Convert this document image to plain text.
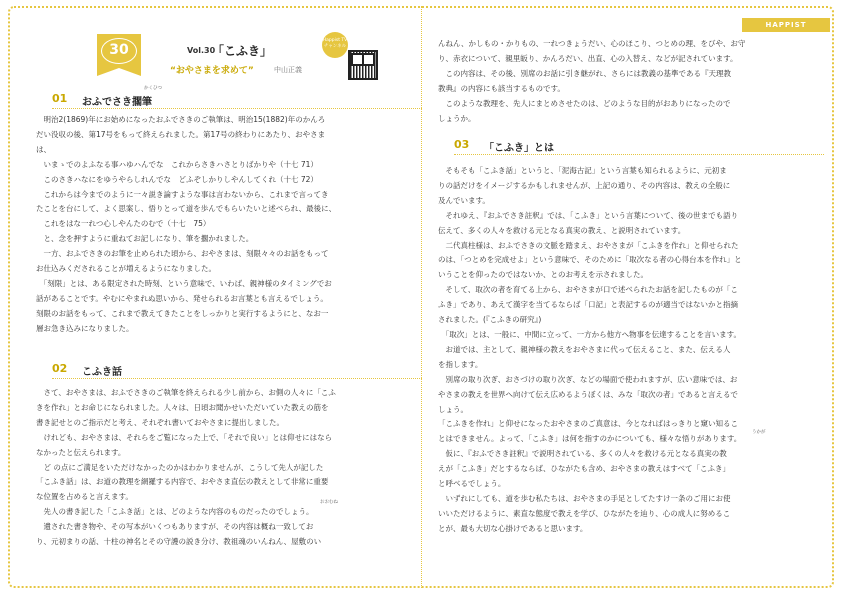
HAPPIST
30	Vol.30
「こふき」
“おやさまを求めて”	中山正義
Happist TV チャンネル
かくひつ
01 おふでさき擱筆
　明治2(1869)年にお始めになったおふでさきのご執筆は、明治15(1882)年のかんろ
だい没収の後、第17号をもって終えられました。第17号の終わりにあたり、おやさま
は、
　いまゝでのよふなる事ハゆハんでな　これからさきハさとりばかりや（十七 71）
　このさきハなにをゆうやらしれんでな　どふぞしかりしやんしてくれ（十七 72）
　これからは今までのように一々説き論すような事は言わないから、これまで言ってき
たことを台にして、よく思案し、悟りとって道を歩んでもらいたいと述べられ、最後に、
　これをはな一れつ心しやんたのむで（十七　75）
　と、念を押すように重ねてお記しになり、筆を擱かれました。
　一方、おふでさきのお筆を止められた頃から、おやさまは、刻限々々のお話をもって
お仕込みくだされることが増えるようになりました。
　「刻限」とは、ある限定された時刻、という意味で、いわば、親神様のタイミングでお
話があることです。やむにやまれぬ思いから、発せられるお言葉とも言えるでしょう。
刻限のお話をもって、これまで教えてきたことをしっかりと実行するようにと、なお一
層お急き込みになりました。
02 こふき話
　さて、おやさまは、おふでさきのご執筆を終えられる少し前から、お側の人々に「こふ
きを作れ」とお命じになられました。人々は、日頃お聞かせいただいていた教えの筋を
書き記せとのご指示だと考え、それぞれ書いておやさまに提出しました。
　けれども、おやさまは、それらをご覧になった上で、「それで良い」とは仰せにはなら
なかったと伝えられます。
　ど の点にご満足をいただけなかったのかはわかりませんが、こうして先人が記した
「こふき話」は、お道の教理を網羅する内容で、おやさま直伝の教えとして非常に重要
な位置を占めると言えます。
　先人の書き記した「こふき話」とは、どのような内容のものだったのでしょう。
　遺された書き物や、その写本がいくつもありますが、その内容は概ね一致してお
り、元初まりの話、十柱の神名とその守護の説き分け、教祖魂のいんねん、屋敷のい
おおむね
んねん、かしもの・かりもの、一れつきょうだい、心のほこり、つとめの理、をびや、お守
り、赤衣について、親里皈り、かんろだい、出直、心の入替え、などが記されています。
　この内容は、その後、別席のお話に引き継がれ、さらには教義の基準である『天理教
教典』の内容にも該当するものです。
　このような教理を、先人にまとめさせたのは、どのような目的がおありになったので
しょうか。
03 「こふき」とは
　そもそも「こふき話」というと、「泥海古記」という言葉も知られるように、元初ま
りの話だけをイメージするかもしれませんが、上記の通り、その内容は、教えの全般に
及んでいます。
　それゆえ、『おふでさき註釈』では、「こふき」という言葉について、後の世までも語り
伝えて、多くの人々を救ける元となる真実の教え、と説明されています。
　二代真柱様は、おふでさきの文脈を踏まえ、おやさまが「こふきを作れ」と仰せられた
のは、「つとめを完成せよ」という意味で、そのために「取次なる者の心得台本を作れ」と
いうことを仰ったのではないか、とのお考えを示されました。
　そして、取次の者を育てる上から、おやさまが口で述べられたお話を記したものが「こ
ふき」であり、あえて漢字を当てるならば「口記」と表記するのが適当ではないかと指摘
されました。(『こふきの研究』)
　「取次」とは、一般に、中間に立って、一方から他方へ物事を伝達することを言います。
　お道では、主として、親神様の教えをおやさまに代って伝えること、また、伝える人
を指します。
　別席の取り次ぎ、おさづけの取り次ぎ、などの場面で使われますが、広い意味では、お
やさまの教えを世界へ向けて伝え広めるようぼくは、みな「取次の者」であると言えるで
しょう。
「こふきを作れ」と仰せになったおやさまのご真意は、今となればはっきりと窺い知るこ
とはできません。よって、「こふき」は何を指すのかについても、様々な悟りがあります。
　仮に、『おふでさき註釈』で説明されている、多くの人々を救ける元となる真実の教
えが「こふき」だとするならば、ひながたも含め、おやさまの教えはすべて「こふき」
と呼べるでしょう。
　いずれにしても、道を歩む私たちは、おやさまの手足としてたすけ一条のご用にお使
いいただけるように、素直な態度で教えを学び、ひながたを辿り、心の成人に努めるこ
とが、最も大切な心掛けであると思います。
うかが
